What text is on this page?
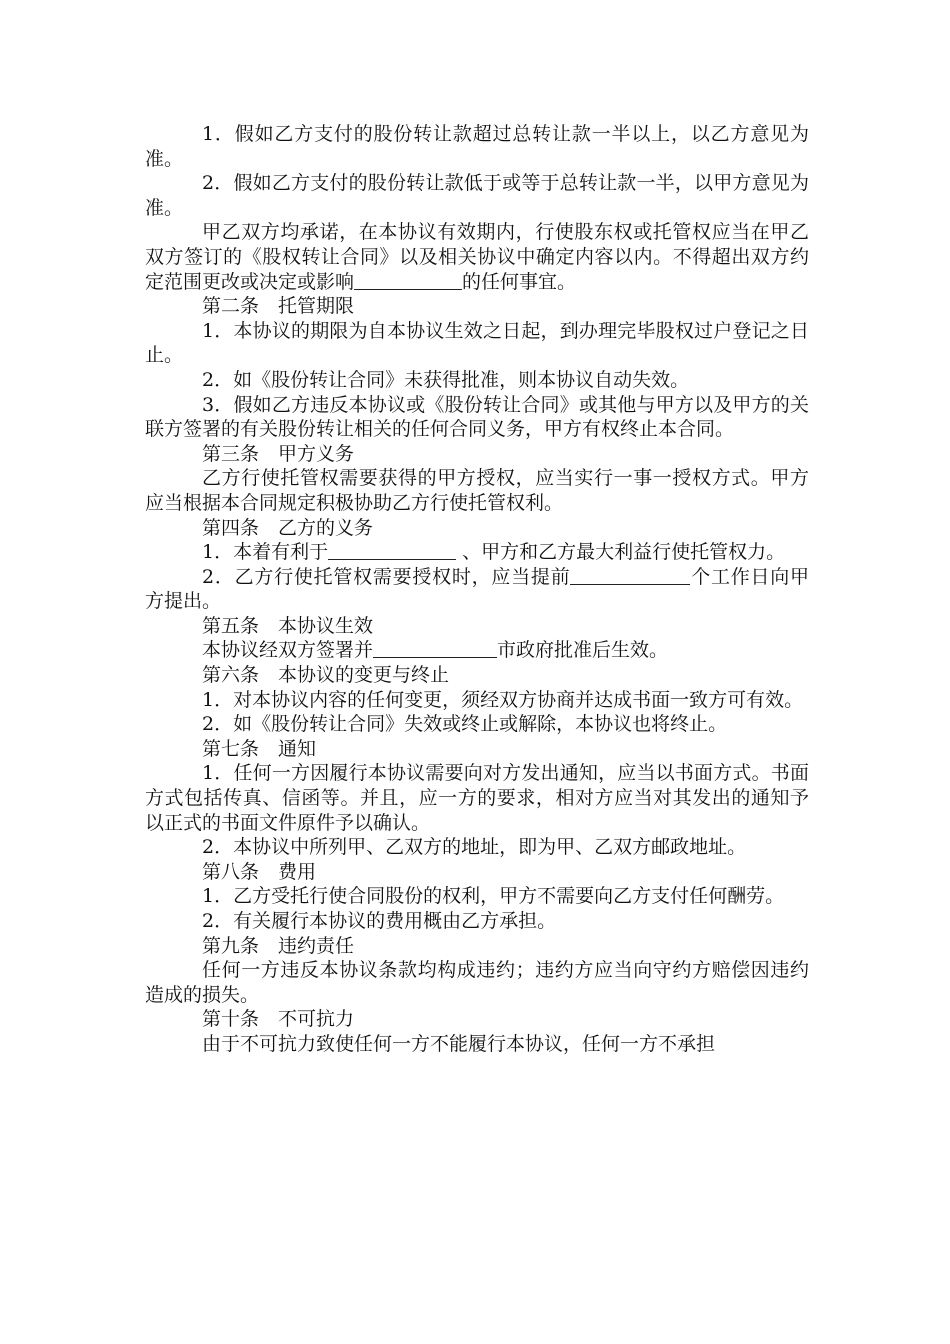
1．假如乙方支付的股份转让款超过总转让款一半以上，以乙方意见为准。

2．假如乙方支付的股份转让款低于或等于总转让款一半，以甲方意见为准。

甲乙双方均承诺，在本协议有效期内，行使股东权或托管权应当在甲乙双方签订的《股权转让合同》以及相关协议中确定内容以内。不得超出双方约定范围更改或决定或影响	的任何事宜。

第二条　托管期限

1．本协议的期限为自本协议生效之日起，到办理完毕股权过户登记之日止。

2．如《股份转让合同》未获得批准，则本协议自动失效。

3．假如乙方违反本协议或《股份转让合同》或其他与甲方以及甲方的关联方签署的有关股份转让相关的任何合同义务，甲方有权终止本合同。

第三条　甲方义务

乙方行使托管权需要获得的甲方授权，应当实行一事一授权方式。甲方应当根据本合同规定积极协助乙方行使托管权利。

第四条　乙方的义务

1．本着有利于	、甲方和乙方最大利益行使托管权力。

2．乙方行使托管权需要授权时，应当提前	个工作日向甲方提出。

第五条　本协议生效

本协议经双方签署并	市政府批准后生效。

第六条　本协议的变更与终止

1．对本协议内容的任何变更，须经双方协商并达成书面一致方可有效。

2．如《股份转让合同》失效或终止或解除，本协议也将终止。

第七条　通知

1．任何一方因履行本协议需要向对方发出通知，应当以书面方式。书面方式包括传真、信函等。并且，应一方的要求，相对方应当对其发出的通知予以正式的书面文件原件予以确认。

2．本协议中所列甲、乙双方的地址，即为甲、乙双方邮政地址。

第八条　费用

1．乙方受托行使合同股份的权利，甲方不需要向乙方支付任何酬劳。

2．有关履行本协议的费用概由乙方承担。

第九条　违约责任

任何一方违反本协议条款均构成违约；违约方应当向守约方赔偿因违约造成的损失。

第十条　不可抗力

由于不可抗力致使任何一方不能履行本协议，任何一方不承担
